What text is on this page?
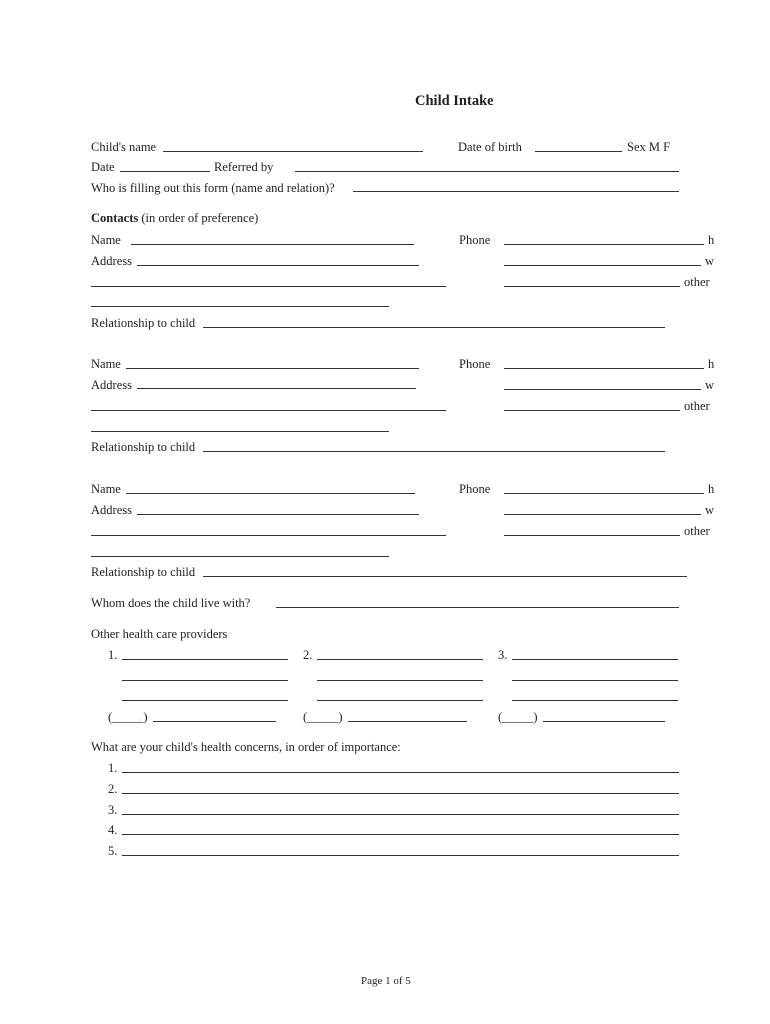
Child Intake
Child's name	Date of birth	Sex M F
Date	Referred by
Who is filling out this form (name and relation)?
Contacts (in order of preference)
Name	Phone	h
Address	w
other
Relationship to child
Name	Phone	h
Address	w
other
Relationship to child
Name	Phone	h
Address	w
other
Relationship to child
Whom does the child live with?
Other health care providers
1.
(_____)
2.
(_____)
3.
(_____)
What are your child's health concerns, in order of importance:
1.
2.
3.
4.
5.
Page 1 of 5
